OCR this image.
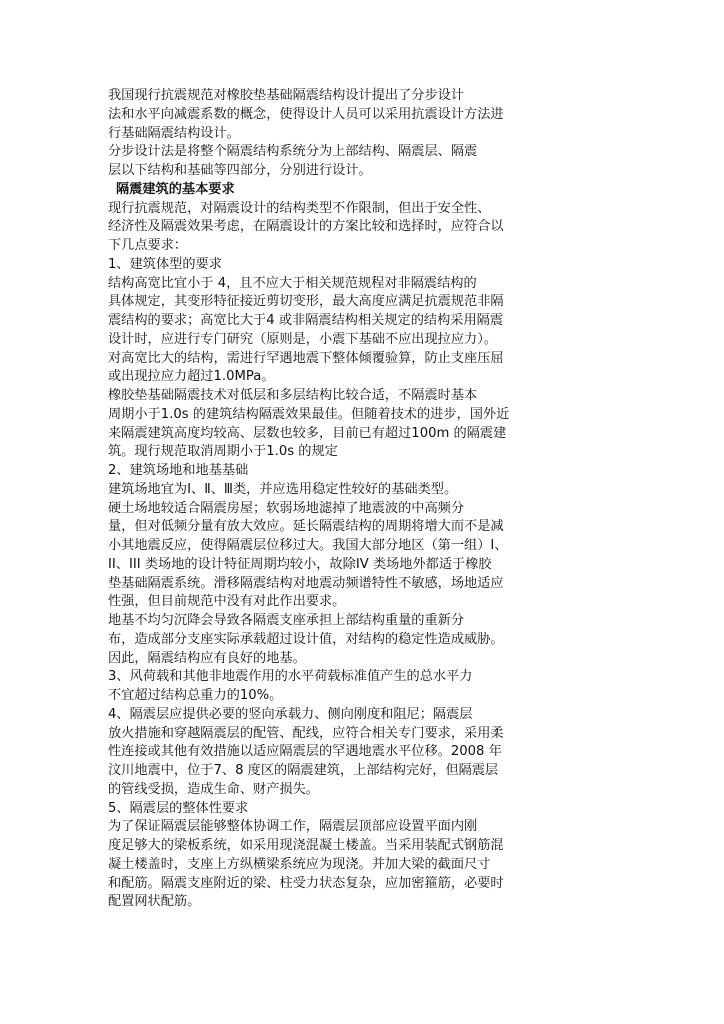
我国现行抗震规范对橡胶垫基础隔震结构设计提出了分步设计
法和水平向减震系数的概念，使得设计人员可以采用抗震设计方法进
行基础隔震结构设计。
分步设计法是将整个隔震结构系统分为上部结构、隔震层、隔震
层以下结构和基础等四部分，分别进行设计。
隔震建筑的基本要求
现行抗震规范，对隔震设计的结构类型不作限制，但出于安全性、
经济性及隔震效果考虑，在隔震设计的方案比较和选择时，应符合以
下几点要求：
1、建筑体型的要求
结构高宽比宜小于 4，且不应大于相关规范规程对非隔震结构的
具体规定，其变形特征接近剪切变形，最大高度应满足抗震规范非隔
震结构的要求；高宽比大于4 或非隔震结构相关规定的结构采用隔震
设计时，应进行专门研究（原则是，小震下基础不应出现拉应力）。
对高宽比大的结构，需进行罕遇地震下整体倾覆验算，防止支座压屈
或出现拉应力超过1.0MPa。
橡胶垫基础隔震技术对低层和多层结构比较合适，不隔震时基本
周期小于1.0s 的建筑结构隔震效果最佳。但随着技术的进步，国外近
来隔震建筑高度均较高、层数也较多，目前已有超过100m 的隔震建
筑。现行规范取消周期小于1.0s 的规定
2、建筑场地和地基基础
建筑场地宜为Ⅰ、Ⅱ、Ⅲ类，并应选用稳定性较好的基础类型。
硬土场地较适合隔震房屋；软弱场地滤掉了地震波的中高频分
量，但对低频分量有放大效应。延长隔震结构的周期将增大而不是减
小其地震反应，使得隔震层位移过大。我国大部分地区（第一组）I、
II、III 类场地的设计特征周期均较小，故除IV 类场地外都适于橡胶
垫基础隔震系统。滑移隔震结构对地震动频谱特性不敏感，场地适应
性强，但目前规范中没有对此作出要求。
地基不均匀沉降会导致各隔震支座承担上部结构重量的重新分
布，造成部分支座实际承载超过设计值，对结构的稳定性造成威胁。
因此，隔震结构应有良好的地基。
3、风荷载和其他非地震作用的水平荷载标准值产生的总水平力
不宜超过结构总重力的10%。
4、隔震层应提供必要的竖向承载力、侧向刚度和阻尼；隔震层
放火措施和穿越隔震层的配管、配线，应符合相关专门要求，采用柔
性连接或其他有效措施以适应隔震层的罕遇地震水平位移。2008 年
汶川地震中，位于7、8 度区的隔震建筑，上部结构完好，但隔震层
的管线受损，造成生命、财产损失。
5、隔震层的整体性要求
为了保证隔震层能够整体协调工作，隔震层顶部应设置平面内刚
度足够大的梁板系统，如采用现浇混凝土楼盖。当采用装配式钢筋混
凝土楼盖时，支座上方纵横梁系统应为现浇。并加大梁的截面尺寸
和配筋。隔震支座附近的梁、柱受力状态复杂，应加密箍筋，必要时
配置网状配筋。
